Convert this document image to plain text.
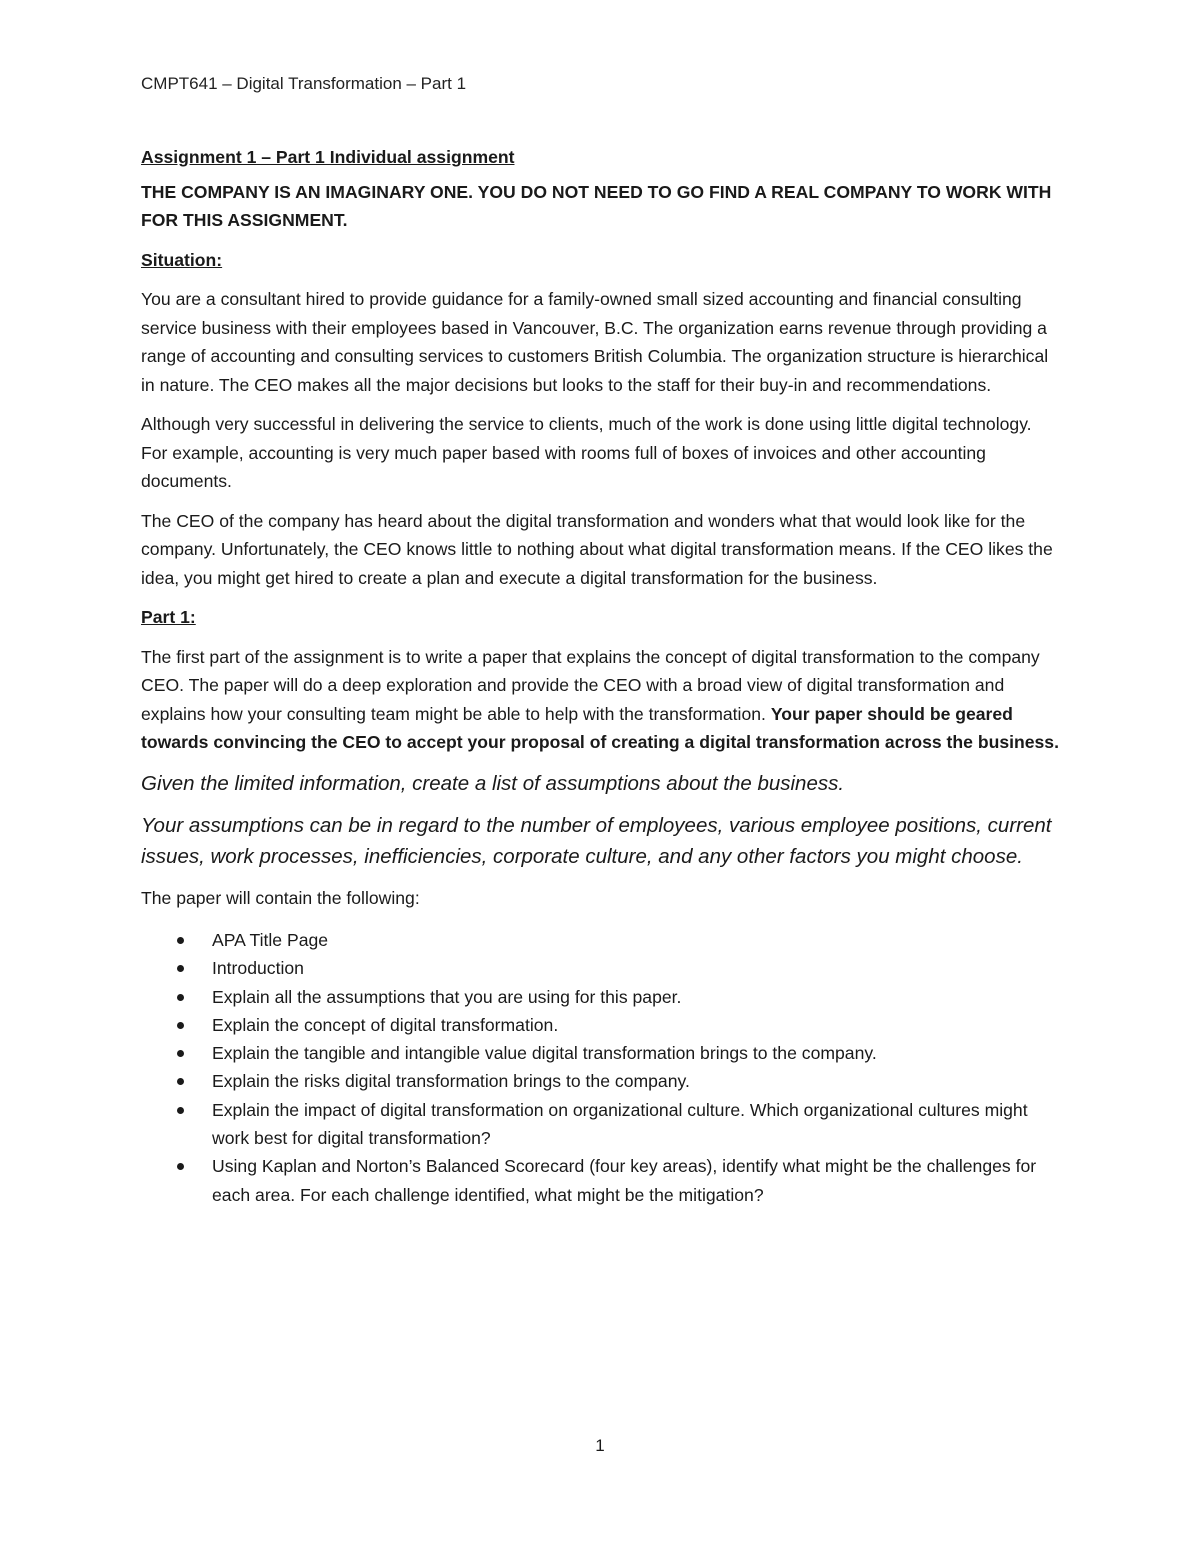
CMPT641 – Digital Transformation – Part 1

Assignment 1 – Part 1 Individual assignment

THE COMPANY IS AN IMAGINARY ONE. YOU DO NOT NEED TO GO FIND A REAL COMPANY TO WORK WITH FOR THIS ASSIGNMENT.

Situation:

You are a consultant hired to provide guidance for a family-owned small sized accounting and financial consulting service business with their employees based in Vancouver, B.C. The organization earns revenue through providing a range of accounting and consulting services to customers British Columbia. The organization structure is hierarchical in nature. The CEO makes all the major decisions but looks to the staff for their buy-in and recommendations.

Although very successful in delivering the service to clients, much of the work is done using little digital technology. For example, accounting is very much paper based with rooms full of boxes of invoices and other accounting documents.

The CEO of the company has heard about the digital transformation and wonders what that would look like for the company. Unfortunately, the CEO knows little to nothing about what digital transformation means. If the CEO likes the idea, you might get hired to create a plan and execute a digital transformation for the business.

Part 1:

The first part of the assignment is to write a paper that explains the concept of digital transformation to the company CEO. The paper will do a deep exploration and provide the CEO with a broad view of digital transformation and explains how your consulting team might be able to help with the transformation. Your paper should be geared towards convincing the CEO to accept your proposal of creating a digital transformation across the business.

Given the limited information, create a list of assumptions about the business.

Your assumptions can be in regard to the number of employees, various employee positions, current issues, work processes, inefficiencies, corporate culture, and any other factors you might choose.

The paper will contain the following:

APA Title Page
Introduction
Explain all the assumptions that you are using for this paper.
Explain the concept of digital transformation.
Explain the tangible and intangible value digital transformation brings to the company.
Explain the risks digital transformation brings to the company.
Explain the impact of digital transformation on organizational culture. Which organizational cultures might work best for digital transformation?
Using Kaplan and Norton’s Balanced Scorecard (four key areas), identify what might be the challenges for each area. For each challenge identified, what might be the mitigation?
1
